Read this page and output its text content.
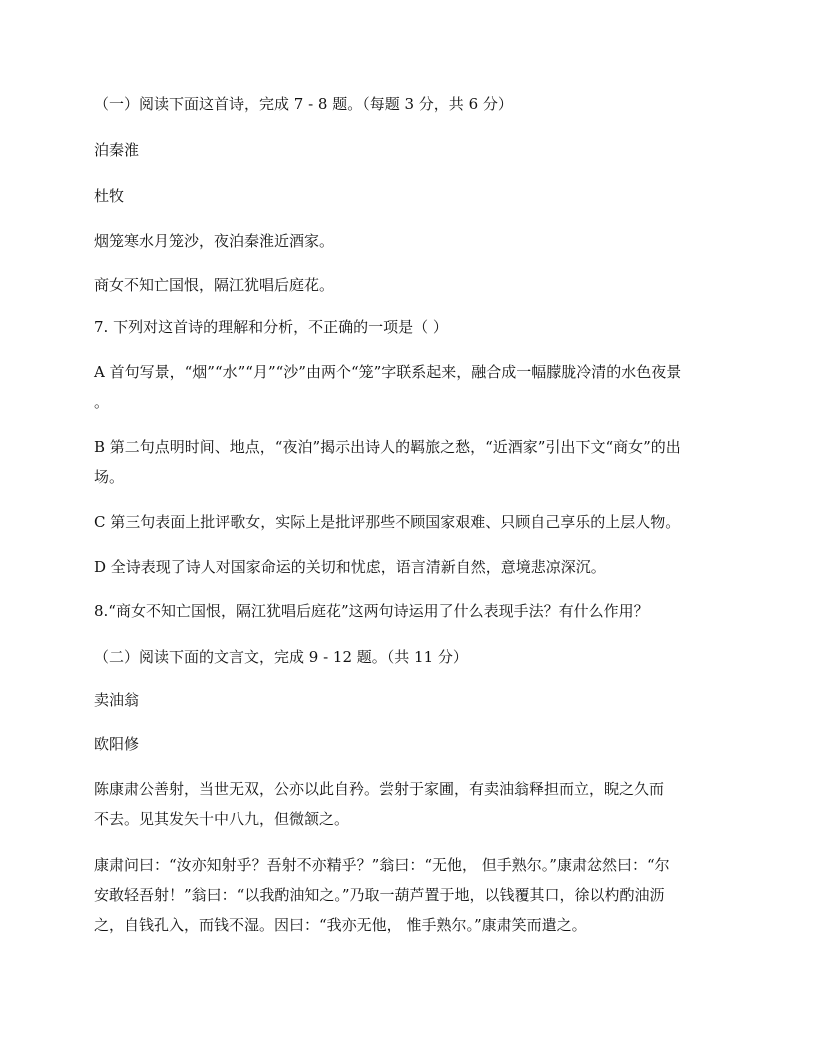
（一）阅读下面这首诗，完成 7 - 8 题。（每题 3 分，共 6 分）
泊秦淮
杜牧
烟笼寒水月笼沙，夜泊秦淮近酒家。
商女不知亡国恨，隔江犹唱后庭花。
7. 下列对这首诗的理解和分析，不正确的一项是（ ）
A 首句写景，“烟”“水”“月”“沙”由两个“笼”字联系起来，融合成一幅朦胧冷清的水色夜景
。
B 第二句点明时间、地点，“夜泊”揭示出诗人的羁旅之愁，“近酒家”引出下文“商女”的出
场。
C 第三句表面上批评歌女，实际上是批评那些不顾国家艰难、只顾自己享乐的上层人物。
D 全诗表现了诗人对国家命运的关切和忧虑，语言清新自然，意境悲凉深沉。
8.“商女不知亡国恨，隔江犹唱后庭花”这两句诗运用了什么表现手法？有什么作用？
（二）阅读下面的文言文，完成 9 - 12 题。（共 11 分）
卖油翁
欧阳修
陈康肃公善射，当世无双，公亦以此自矜。尝射于家圃，有卖油翁释担而立，睨之久而
不去。见其发矢十中八九，但微颔之。
康肃问曰：“汝亦知射乎？吾射不亦精乎？”翁曰：“无他， 但手熟尔。”康肃忿然曰：“尔
安敢轻吾射！”翁曰：“以我酌油知之。”乃取一葫芦置于地，以钱覆其口，徐以杓酌油沥
之，自钱孔入，而钱不湿。因曰：“我亦无他， 惟手熟尔。”康肃笑而遣之。
